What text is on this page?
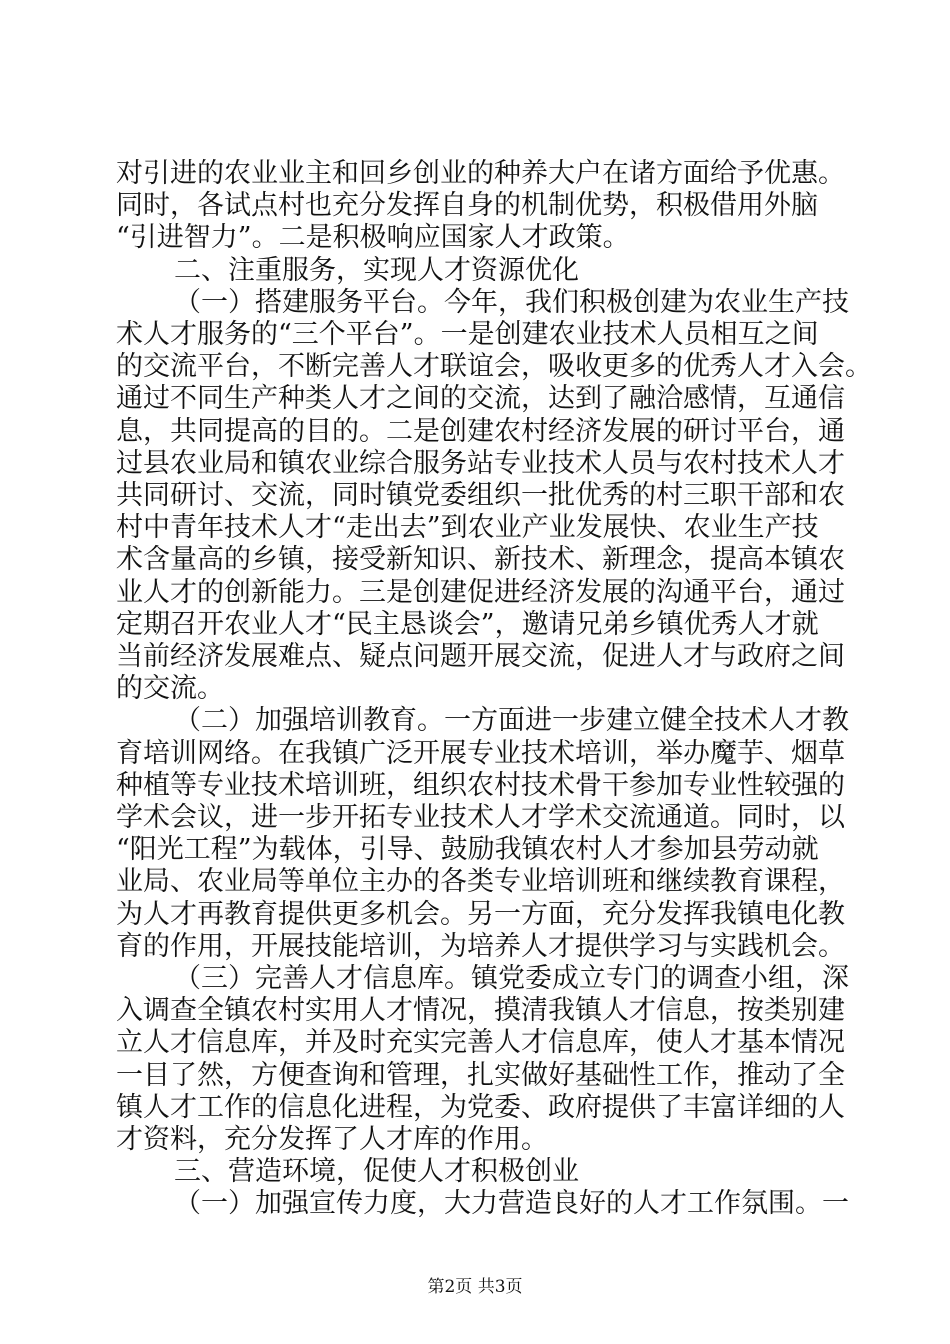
对引进的农业业主和回乡创业的种养大户在诸方面给予优惠。
同时，各试点村也充分发挥自身的机制优势，积极借用外脑
“引进智力”。二是积极响应国家人才政策。
二、注重服务，实现人才资源优化
（一）搭建服务平台。今年，我们积极创建为农业生产技
术人才服务的“三个平台”。一是创建农业技术人员相互之间
的交流平台，不断完善人才联谊会，吸收更多的优秀人才入会。
通过不同生产种类人才之间的交流，达到了融洽感情，互通信
息，共同提高的目的。二是创建农村经济发展的研讨平台，通
过县农业局和镇农业综合服务站专业技术人员与农村技术人才
共同研讨、交流，同时镇党委组织一批优秀的村三职干部和农
村中青年技术人才“走出去”到农业产业发展快、农业生产技
术含量高的乡镇，接受新知识、新技术、新理念，提高本镇农
业人才的创新能力。三是创建促进经济发展的沟通平台，通过
定期召开农业人才“民主恳谈会”，邀请兄弟乡镇优秀人才就
当前经济发展难点、疑点问题开展交流，促进人才与政府之间
的交流。
（二）加强培训教育。一方面进一步建立健全技术人才教
育培训网络。在我镇广泛开展专业技术培训，举办魔芋、烟草
种植等专业技术培训班，组织农村技术骨干参加专业性较强的
学术会议，进一步开拓专业技术人才学术交流通道。同时，以
“阳光工程”为载体，引导、鼓励我镇农村人才参加县劳动就
业局、农业局等单位主办的各类专业培训班和继续教育课程，
为人才再教育提供更多机会。另一方面，充分发挥我镇电化教
育的作用，开展技能培训，为培养人才提供学习与实践机会。
（三）完善人才信息库。镇党委成立专门的调查小组，深
入调查全镇农村实用人才情况，摸清我镇人才信息，按类别建
立人才信息库，并及时充实完善人才信息库，使人才基本情况
一目了然，方便查询和管理，扎实做好基础性工作，推动了全
镇人才工作的信息化进程，为党委、政府提供了丰富详细的人
才资料，充分发挥了人才库的作用。
三、营造环境，促使人才积极创业
（一）加强宣传力度，大力营造良好的人才工作氛围。一
第2页 共3页
